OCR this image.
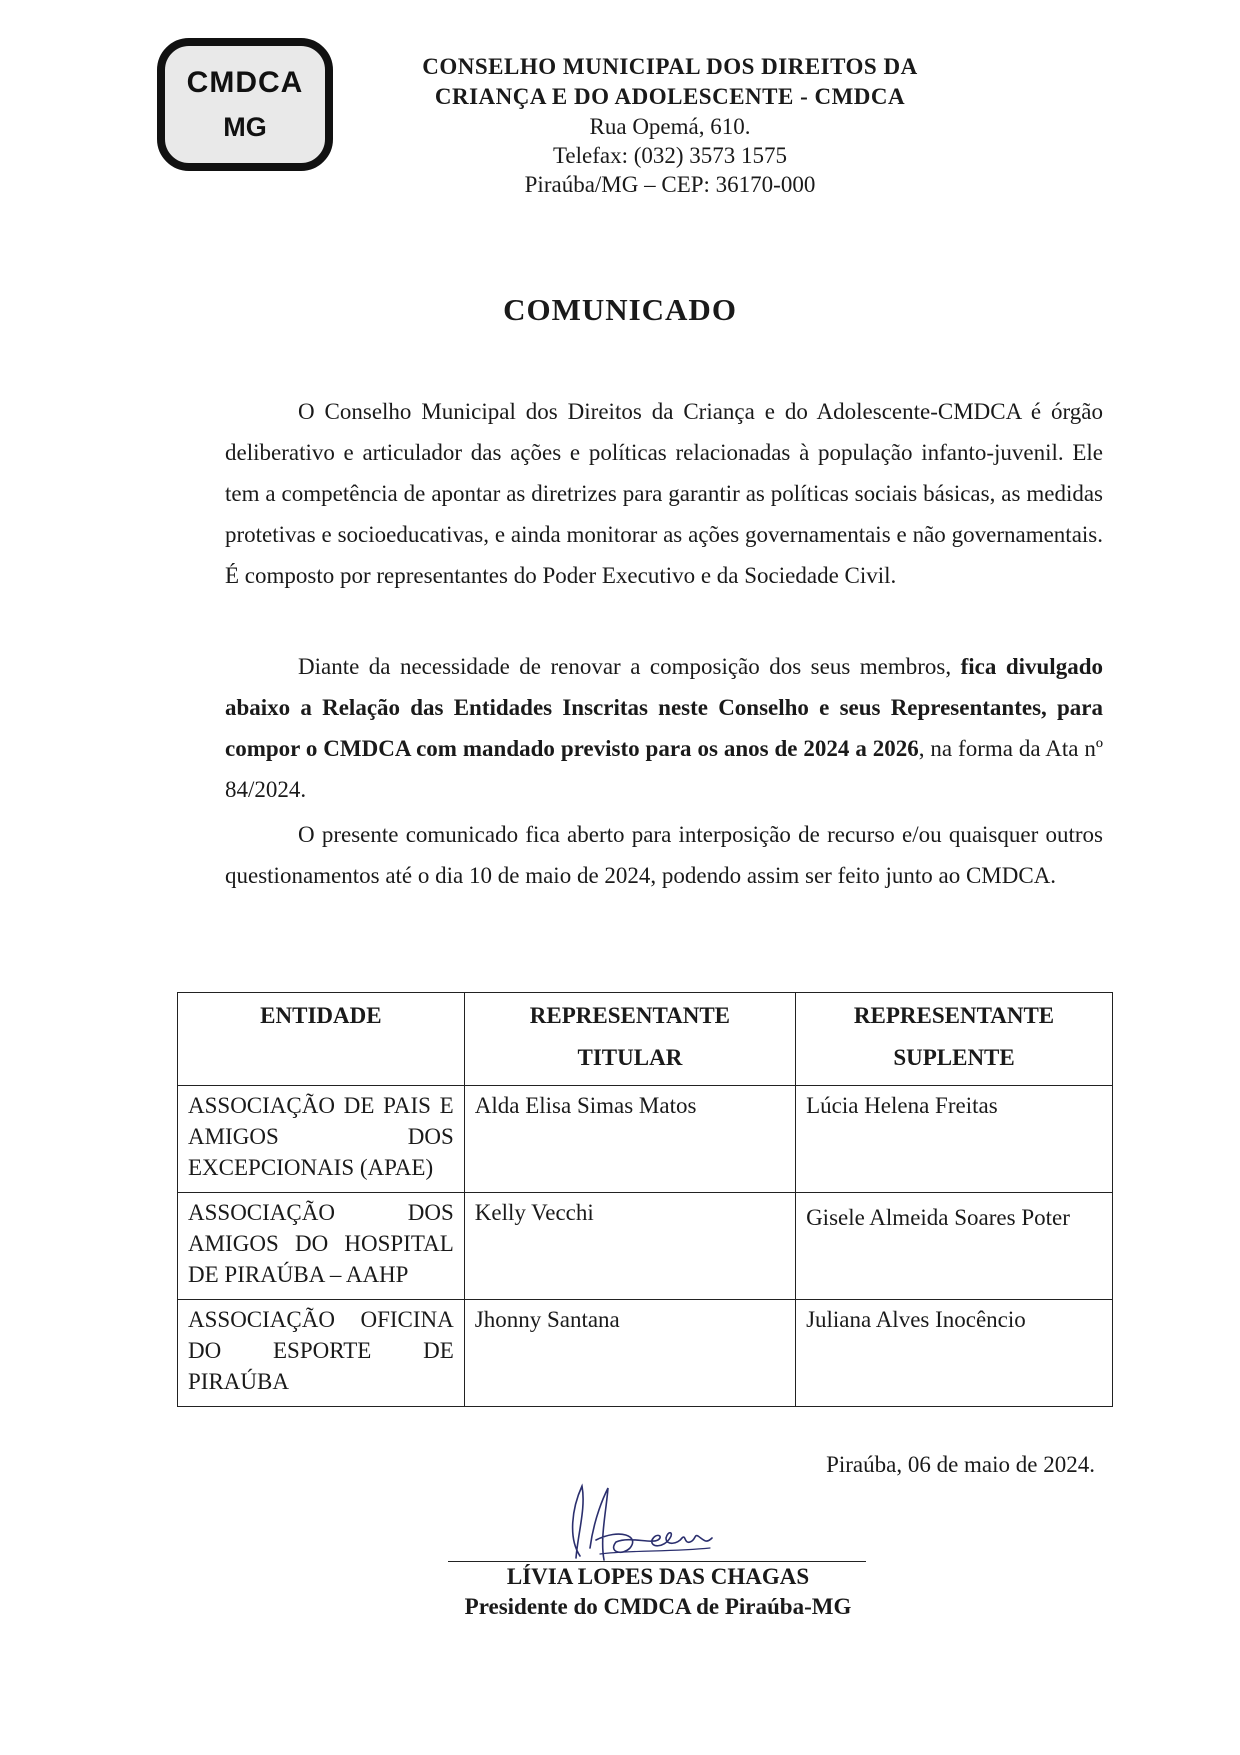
CMDCA
MG
CONSELHO MUNICIPAL DOS DIREITOS DA
CRIANÇA E DO ADOLESCENTE - CMDCA
Rua Opemá, 610.
Telefax: (032) 3573 1575
Piraúba/MG – CEP: 36170-000
COMUNICADO

O Conselho Municipal dos Direitos da Criança e do Adolescente-CMDCA é órgão deliberativo e articulador das ações e políticas relacionadas à população infanto-juvenil. Ele tem a competência de apontar as diretrizes para garantir as políticas sociais básicas, as medidas protetivas e socioeducativas, e ainda monitorar as ações governamentais e não governamentais. É composto por representantes do Poder Executivo e da Sociedade Civil.

Diante da necessidade de renovar a composição dos seus membros, fica divulgado abaixo a Relação das Entidades Inscritas neste Conselho e seus Representantes, para compor o CMDCA com mandado previsto para os anos de 2024 a 2026, na forma da Ata nº 84/2024.

O presente comunicado fica aberto para interposição de recurso e/ou quaisquer outros questionamentos até o dia 10 de maio de 2024, podendo assim ser feito junto ao CMDCA.

ENTIDADE	REPRESENTANTE TITULAR	REPRESENTANTE SUPLENTE
ASSOCIAÇÃO DE PAIS E AMIGOS DOS EXCEPCIONAIS (APAE)	Alda Elisa Simas Matos	Lúcia Helena Freitas
ASSOCIAÇÃO DOS AMIGOS DO HOSPITAL DE PIRAÚBA – AAHP	Kelly Vecchi	Gisele Almeida Soares Poter
ASSOCIAÇÃO OFICINA DO ESPORTE DE PIRAÚBA	Jhonny Santana	Juliana Alves Inocêncio
Piraúba, 06 de maio de 2024.
LÍVIA LOPES DAS CHAGAS
Presidente do CMDCA de Piraúba-MG
